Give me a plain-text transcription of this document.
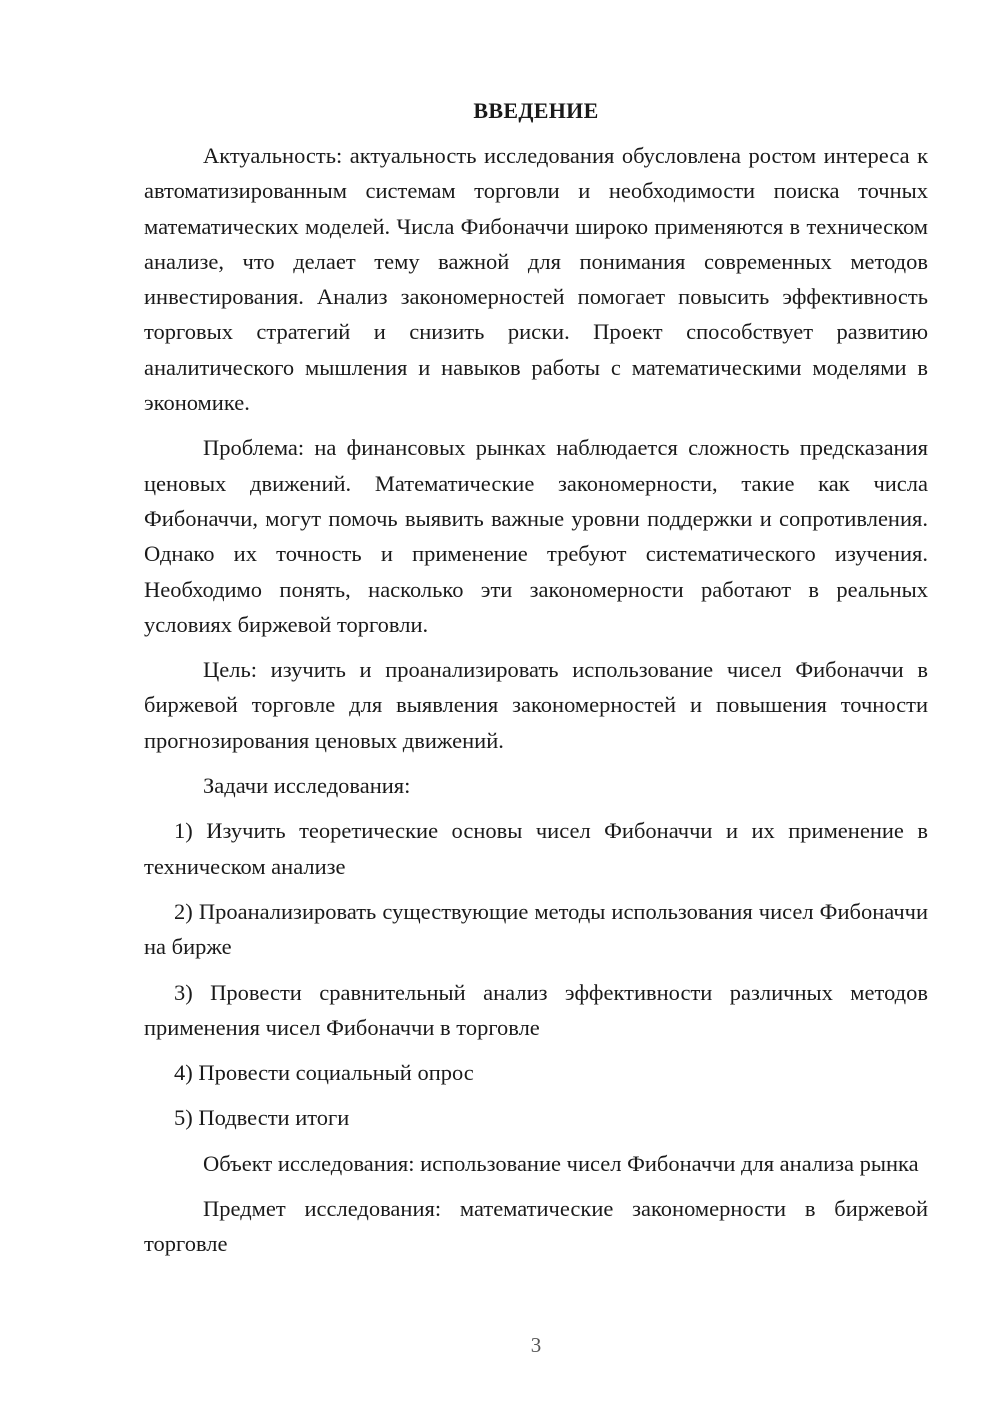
ВВЕДЕНИЕ

Актуальность: актуальность исследования обусловлена ростом интереса к автоматизированным системам торговли и необходимости поиска точных математических моделей. Числа Фибоначчи широко применяются в техническом анализе, что делает тему важной для понимания современных методов инвестирования. Анализ закономерностей помогает повысить эффективность торговых стратегий и снизить риски. Проект способствует развитию аналитического мышления и навыков работы с математическими моделями в экономике.

Проблема: на финансовых рынках наблюдается сложность предсказания ценовых движений. Математические закономерности, такие как числа Фибоначчи, могут помочь выявить важные уровни поддержки и сопротивления. Однако их точность и применение требуют систематического изучения. Необходимо понять, насколько эти закономерности работают в реальных условиях биржевой торговли.

Цель: изучить и проанализировать использование чисел Фибоначчи в биржевой торговле для выявления закономерностей и повышения точности прогнозирования ценовых движений.

Задачи исследования:

1) Изучить теоретические основы чисел Фибоначчи и их применение в техническом анализе

2) Проанализировать существующие методы использования чисел Фибоначчи на бирже

3) Провести сравнительный анализ эффективности различных методов применения чисел Фибоначчи в торговле

4) Провести социальный опрос

5) Подвести итоги

Объект исследования: использование чисел Фибоначчи для анализа рынка

Предмет исследования: математические закономерности в биржевой торговле

3
